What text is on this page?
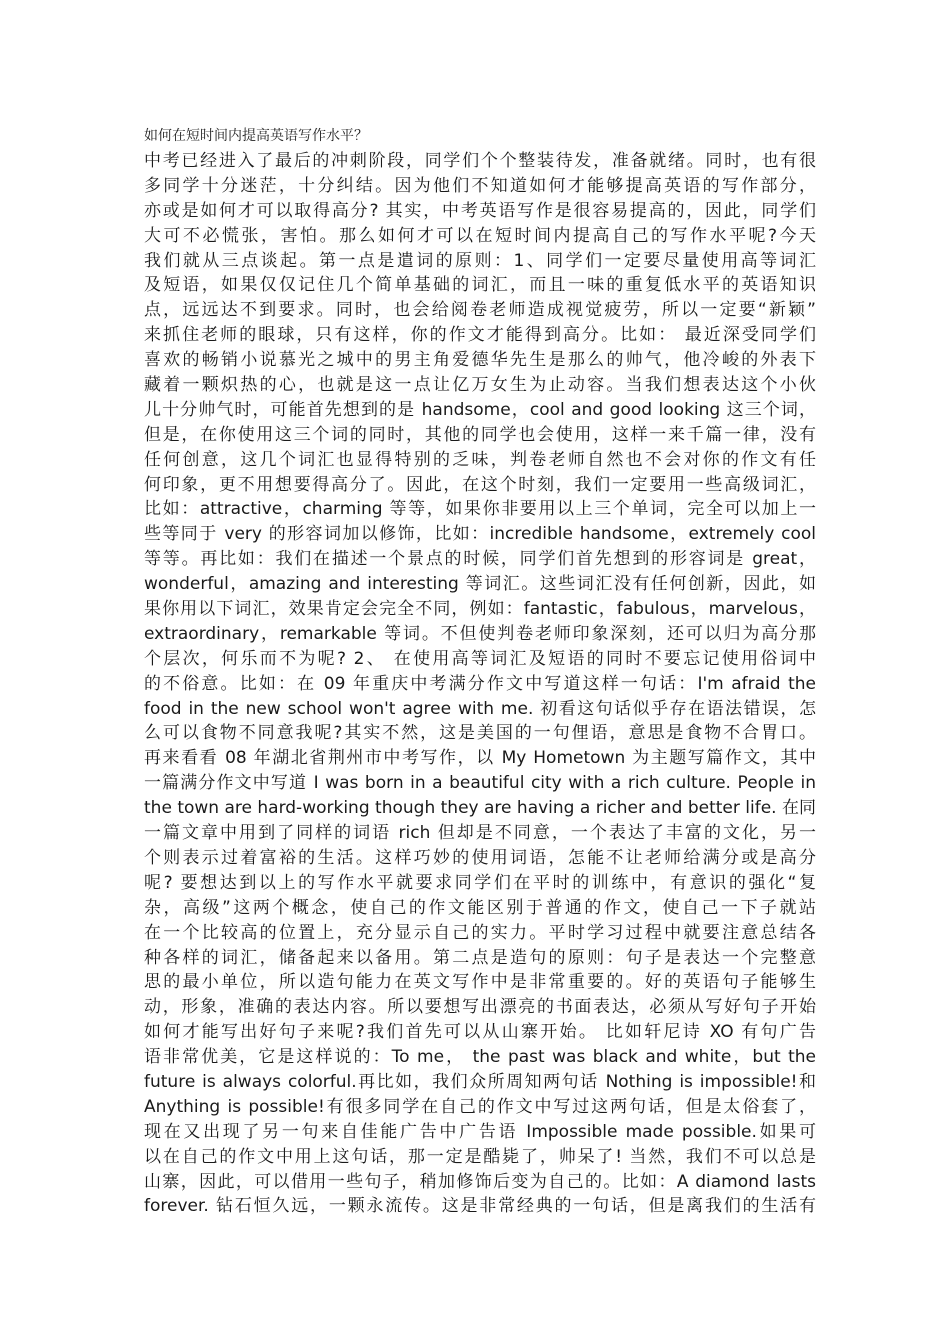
如何在短时间内提高英语写作水平？
中考已经进入了最后的冲刺阶段，同学们个个整装待发，准备就绪。同时，也有很
多同学十分迷茫，十分纠结。因为他们不知道如何才能够提高英语的写作部分，
亦或是如何才可以取得高分? 其实，中考英语写作是很容易提高的，因此，同学们
大可不必慌张，害怕。那么如何才可以在短时间内提高自己的写作水平呢?今天
我们就从三点谈起。第一点是遣词的原则：1、同学们一定要尽量使用高等词汇
及短语，如果仅仅记住几个简单基础的词汇，而且一味的重复低水平的英语知识
点，远远达不到要求。同时，也会给阅卷老师造成视觉疲劳，所以一定要“新颖”
来抓住老师的眼球，只有这样，你的作文才能得到高分。比如： 最近深受同学们
喜欢的畅销小说慕光之城中的男主角爱德华先生是那么的帅气，他冷峻的外表下
藏着一颗炽热的心，也就是这一点让亿万女生为止动容。当我们想表达这个小伙
儿十分帅气时，可能首先想到的是 handsome，cool and good looking 这三个词，
但是，在你使用这三个词的同时，其他的同学也会使用，这样一来千篇一律，没有
任何创意，这几个词汇也显得特别的乏味，判卷老师自然也不会对你的作文有任
何印象，更不用想要得高分了。因此，在这个时刻，我们一定要用一些高级词汇，
比如：attractive，charming 等等，如果你非要用以上三个单词，完全可以加上一
些等同于 very 的形容词加以修饰，比如：incredible handsome，extremely cool
等等。再比如：我们在描述一个景点的时候，同学们首先想到的形容词是 great，
wonderful，amazing and interesting 等词汇。这些词汇没有任何创新，因此，如
果你用以下词汇，效果肯定会完全不同，例如：fantastic，fabulous，marvelous，
extraordinary，remarkable 等词。不但使判卷老师印象深刻，还可以归为高分那
个层次，何乐而不为呢? 2、 在使用高等词汇及短语的同时不要忘记使用俗词中
的不俗意。比如：在 09 年重庆中考满分作文中写道这样一句话：I'm afraid the
food in the new school won't agree with me. 初看这句话似乎存在语法错误，怎
么可以食物不同意我呢?其实不然，这是美国的一句俚语，意思是食物不合胃口。
再来看看 08 年湖北省荆州市中考写作，以 My Hometown 为主题写篇作文，其中
一篇满分作文中写道 I was born in a beautiful city with a rich culture. People in
the town are hard-working though they are having a richer and better life. 在同
一篇文章中用到了同样的词语 rich 但却是不同意，一个表达了丰富的文化，另一
个则表示过着富裕的生活。这样巧妙的使用词语，怎能不让老师给满分或是高分
呢? 要想达到以上的写作水平就要求同学们在平时的训练中，有意识的强化“复
杂，高级”这两个概念，使自己的作文能区别于普通的作文，使自己一下子就站
在一个比较高的位置上，充分显示自己的实力。平时学习过程中就要注意总结各
种各样的词汇，储备起来以备用。第二点是造句的原则：句子是表达一个完整意
思的最小单位，所以造句能力在英文写作中是非常重要的。好的英语句子能够生
动，形象，准确的表达内容。所以要想写出漂亮的书面表达，必须从写好句子开始
如何才能写出好句子来呢?我们首先可以从山寨开始。 比如轩尼诗 XO 有句广告
语非常优美，它是这样说的：To me， the past was black and white，but the
future is always colorful.再比如，我们众所周知两句话 Nothing is impossible!和
Anything is possible!有很多同学在自己的作文中写过这两句话，但是太俗套了，
现在又出现了另一句来自佳能广告中广告语 Impossible made possible.如果可
以在自己的作文中用上这句话，那一定是酷毙了，帅呆了! 当然，我们不可以总是
山寨，因此，可以借用一些句子，稍加修饰后变为自己的。比如：A diamond lasts
forever. 钻石恒久远，一颗永流传。这是非常经典的一句话，但是离我们的生活有
